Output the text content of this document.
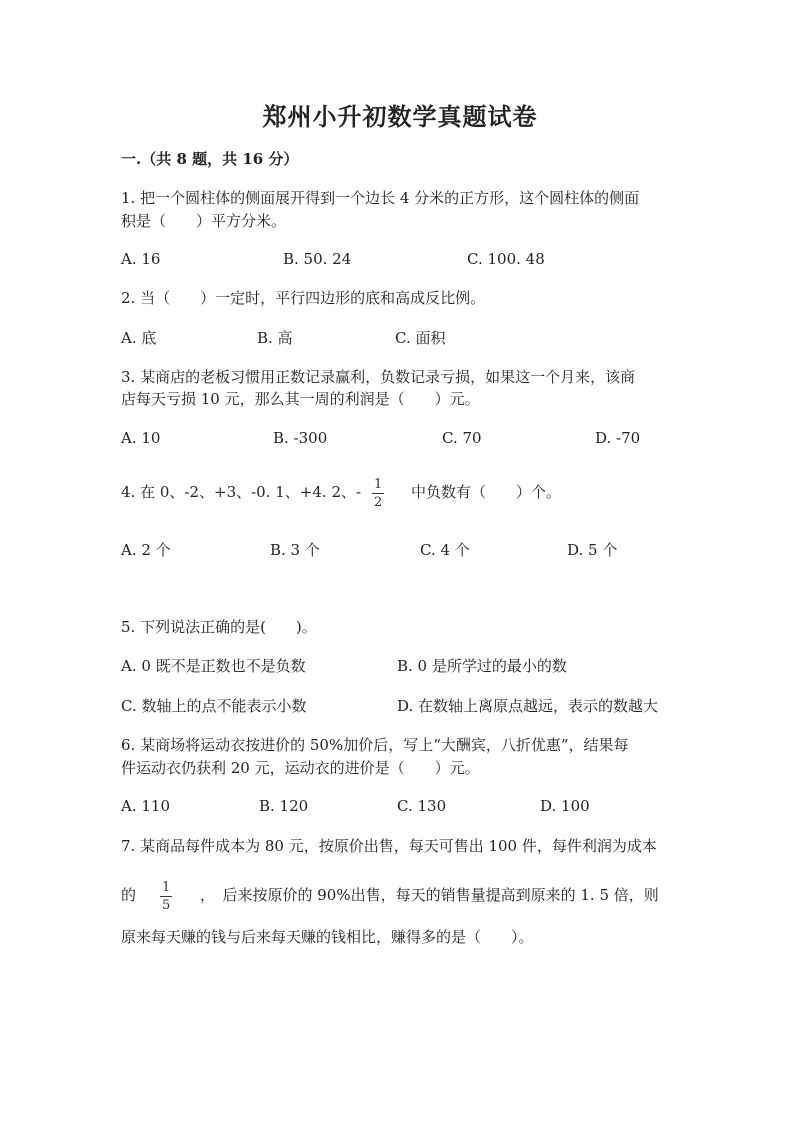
郑州小升初数学真题试卷
一.（共 8 题，共 16 分）
1. 把一个圆柱体的侧面展开得到一个边长 4 分米的正方形，这个圆柱体的侧面
积是（　　）平方分米。
A. 16	B. 50. 24	C. 100. 48
2. 当（　　）一定时，平行四边形的底和高成反比例。
A. 底	B. 高	C. 面积
3. 某商店的老板习惯用正数记录赢利，负数记录亏损，如果这一个月来，该商
店每天亏损 10 元，那么其一周的利润是（　　）元。
A. 10	B. -300	C. 70	D. -70
4. 在 0、-2、+3、-0. 1、+4. 2、- 1
2
中负数有（　　）个。
A. 2 个	B. 3 个	C. 4 个	D. 5 个
5. 下列说法正确的是(　　)。
A. 0 既不是正数也不是负数	B. 0 是所学过的最小的数
C. 数轴上的点不能表示小数	D. 在数轴上离原点越远，表示的数越大
6. 某商场将运动衣按进价的 50%加价后，写上“大酬宾，八折优惠”，结果每
件运动衣仍获利 20 元，运动衣的进价是（　　）元。
A. 110	B. 120	C. 130	D. 100
7. 某商品每件成本为 80 元，按原价出售，每天可售出 100 件，每件利润为成本
的 1
5
，　后来按原价的 90%出售，每天的销售量提高到原来的 1. 5 倍，则
原来每天赚的钱与后来每天赚的钱相比，赚得多的是（　　）。
